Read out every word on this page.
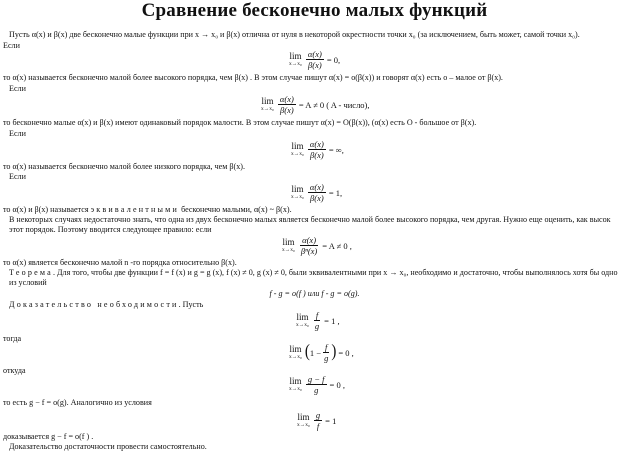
Сравнение бесконечно малых функций
Пусть α(x) и β(x) две бесконечно малые функции при x → x₀ и β(x) отлична от нуля в некоторой окрестности точки x₀ (за исключением, быть может, самой точки x₀).
Если
lim
$x\to x_0 \frac{\alpha(x)}{\beta(x)} = 0$,
то α(x) называется бесконечно малой более высокого порядка, чем β(x) . В этом случае пишут α(x) = o(β(x)) и говорят α(x) есть o – малое от β(x).
Если
lim
$x\to x_0 \frac{\alpha(x)}{\beta(x)} = A \ne 0$ ( A - число),
то бесконечно малые α(x) и β(x) имеют одинаковый порядок малости. В этом случае пишут α(x) = O(β(x)), (α(x) есть O - большое от β(x).
Если
lim
$x\to x_0 \frac{\alpha(x)}{\beta(x)}$ = ∞,
то α(x) называется бесконечно малой более низкого порядка, чем β(x).
Если
lim
$x\to x_0 \frac{\alpha(x)}{\beta(x)} = 1$,
то α(x) и β(x) называется эквивалентными бесконечно малыми, α(x) ~ β(x).
В некоторых случаях недостаточно знать, что одна из двух бесконечно малых является бесконечно малой более высокого порядка, чем другая. Нужно еще оценить, как высок этот порядок. Поэтому вводится следующее правило: если
lim
$x\to x_0 \frac{\alpha(x)}{\text{βⁿ(x)}} = A \ne 0$ ,
то α(x) является бесконечно малой n -го порядка относительно β(x).
Теорема. Для того, чтобы две функции f = f (x) и g = g (x), f (x) ≠ 0, g (x) ≠ 0, были эквивалентными при x → x₀, необходимо и достаточно, чтобы выполнялось хотя бы одно из условий
f - g = o(f ) или f - g = o(g).
Доказательство необходимости. Пусть
lim
$x\to x_0 \frac{f}{g} = 1$ ,
тогда
lim
x→x₀ ( $1 - \frac{f}{g}$ ) = 0 ,
откуда
lim
$x\to x_0 \frac{g - f}{g} = 0$ ,
то есть g − f = o(g). Аналогично из условия
lim
$x\to x_0 \frac{g}{f} = 1$
доказывается g − f = o(f ) .
Доказательство достаточности провести самостоятельно.
